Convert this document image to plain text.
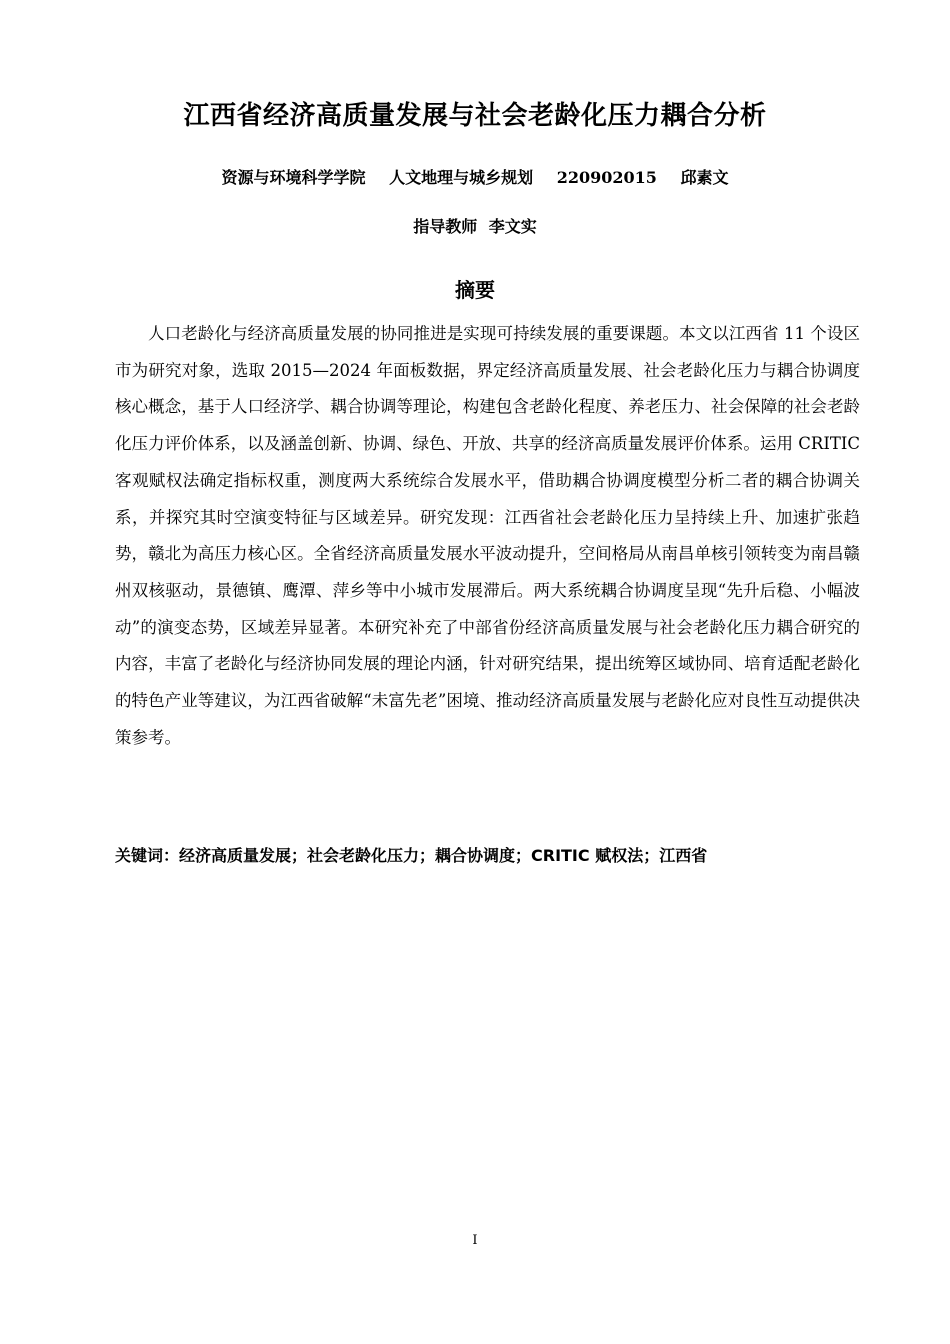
江西省经济高质量发展与社会老龄化压力耦合分析
资源与环境科学学院 人文地理与城乡规划 220902015 邱素文
指导教师 李文实
摘要

人口老龄化与经济高质量发展的协同推进是实现可持续发展的重要课题。本文以江西省 11 个设区市为研究对象，选取 2015—2024 年面板数据，界定经济高质量发展、社会老龄化压力与耦合协调度核心概念，基于人口经济学、耦合协调等理论，构建包含老龄化程度、养老压力、社会保障的社会老龄化压力评价体系，以及涵盖创新、协调、绿色、开放、共享的经济高质量发展评价体系。运用 CRITIC 客观赋权法确定指标权重，测度两大系统综合发展水平，借助耦合协调度模型分析二者的耦合协调关系，并探究其时空演变特征与区域差异。研究发现：江西省社会老龄化压力呈持续上升、加速扩张趋势，赣北为高压力核心区。全省经济高质量发展水平波动提升，空间格局从南昌单核引领转变为南昌赣州双核驱动，景德镇、鹰潭、萍乡等中小城市发展滞后。两大系统耦合协调度呈现“先升后稳、小幅波动”的演变态势，区域差异显著。本研究补充了中部省份经济高质量发展与社会老龄化压力耦合研究的内容，丰富了老龄化与经济协同发展的理论内涵，针对研究结果，提出统筹区域协同、培育适配老龄化的特色产业等建议，为江西省破解“未富先老”困境、推动经济高质量发展与老龄化应对良性互动提供决策参考。

关键词：经济高质量发展；社会老龄化压力；耦合协调度；CRITIC 赋权法；江西省
I
